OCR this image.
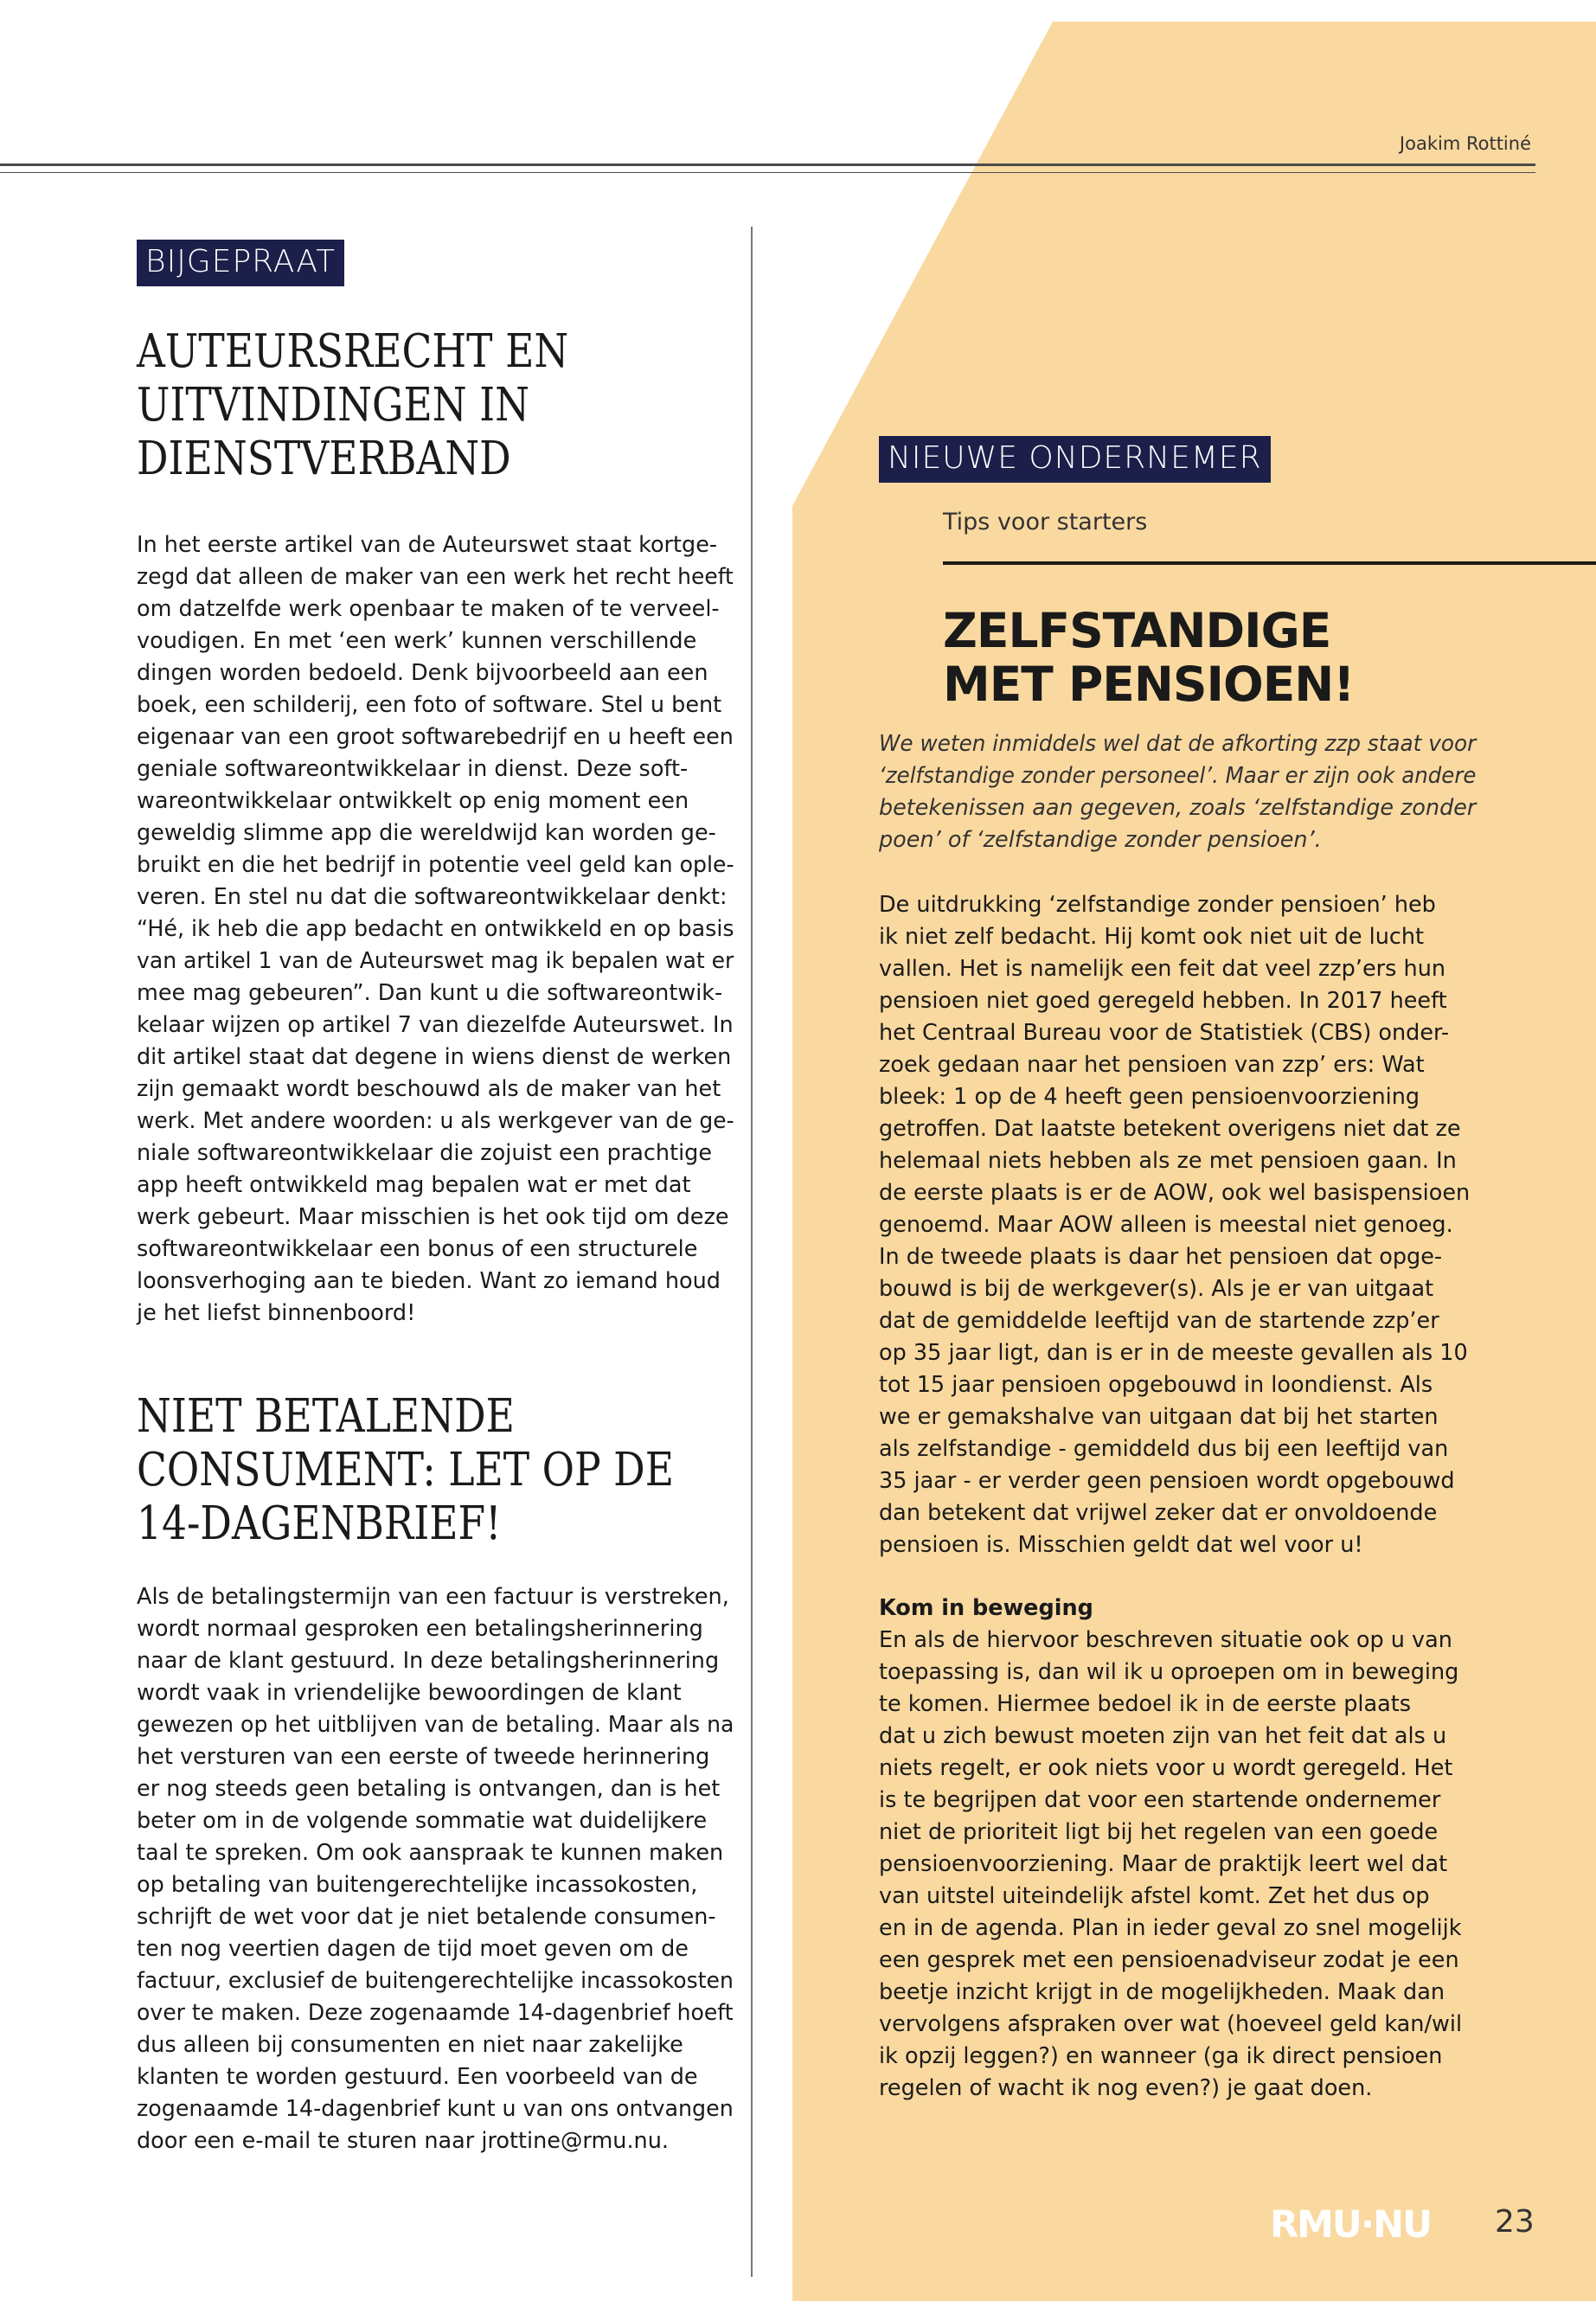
Joakim Rottiné
BIJGEPRAAT
AUTEURSRECHT EN
UITVINDINGEN IN
DIENSTVERBAND
In het eerste artikel van de Auteurswet staat kortge-
zegd dat alleen de maker van een werk het recht heeft
om datzelfde werk openbaar te maken of te verveel-
voudigen. En met ‘een werk’ kunnen verschillende
dingen worden bedoeld. Denk bijvoorbeeld aan een
boek, een schilderij, een foto of software. Stel u bent
eigenaar van een groot softwarebedrijf en u heeft een
geniale softwareontwikkelaar in dienst. Deze soft-
wareontwikkelaar ontwikkelt op enig moment een
geweldig slimme app die wereldwijd kan worden ge-
bruikt en die het bedrijf in potentie veel geld kan ople-
veren. En stel nu dat die softwareontwikkelaar denkt:
“Hé, ik heb die app bedacht en ontwikkeld en op basis
van artikel 1 van de Auteurswet mag ik bepalen wat er
mee mag gebeuren”. Dan kunt u die softwareontwik-
kelaar wijzen op artikel 7 van diezelfde Auteurswet. In
dit artikel staat dat degene in wiens dienst de werken
zijn gemaakt wordt beschouwd als de maker van het
werk. Met andere woorden: u als werkgever van de ge-
niale softwareontwikkelaar die zojuist een prachtige
app heeft ontwikkeld mag bepalen wat er met dat
werk gebeurt. Maar misschien is het ook tijd om deze
softwareontwikkelaar een bonus of een structurele
loonsverhoging aan te bieden. Want zo iemand houd
je het liefst binnenboord!
NIET BETALENDE
CONSUMENT: LET OP DE
14-DAGENBRIEF!
Als de betalingstermijn van een factuur is verstreken,
wordt normaal gesproken een betalingsherinnering
naar de klant gestuurd. In deze betalingsherinnering
wordt vaak in vriendelijke bewoordingen de klant
gewezen op het uitblijven van de betaling. Maar als na
het versturen van een eerste of tweede herinnering
er nog steeds geen betaling is ontvangen, dan is het
beter om in de volgende sommatie wat duidelijkere
taal te spreken. Om ook aanspraak te kunnen maken
op betaling van buitengerechtelijke incassokosten,
schrijft de wet voor dat je niet betalende consumen-
ten nog veertien dagen de tijd moet geven om de
factuur, exclusief de buitengerechtelijke incassokosten
over te maken. Deze zogenaamde 14-dagenbrief hoeft
dus alleen bij consumenten en niet naar zakelijke
klanten te worden gestuurd. Een voorbeeld van de
zogenaamde 14-dagenbrief kunt u van ons ontvangen
door een e-mail te sturen naar jrottine@rmu.nu.
NIEUWE ONDERNEMER
Tips voor starters
ZELFSTANDIGE
MET PENSIOEN!
We weten inmiddels wel dat de afkorting zzp staat voor
‘zelfstandige zonder personeel’. Maar er zijn ook andere
betekenissen aan gegeven, zoals ‘zelfstandige zonder
poen’ of ‘zelfstandige zonder pensioen’.
De uitdrukking ‘zelfstandige zonder pensioen’ heb
ik niet zelf bedacht. Hij komt ook niet uit de lucht
vallen. Het is namelijk een feit dat veel zzp’ers hun
pensioen niet goed geregeld hebben. In 2017 heeft
het Centraal Bureau voor de Statistiek (CBS) onder-
zoek gedaan naar het pensioen van zzp’ ers: Wat
bleek: 1 op de 4 heeft geen pensioenvoorziening
getroffen. Dat laatste betekent overigens niet dat ze
helemaal niets hebben als ze met pensioen gaan. In
de eerste plaats is er de AOW, ook wel basispensioen
genoemd. Maar AOW alleen is meestal niet genoeg.
In de tweede plaats is daar het pensioen dat opge-
bouwd is bij de werkgever(s). Als je er van uitgaat
dat de gemiddelde leeftijd van de startende zzp’er
op 35 jaar ligt, dan is er in de meeste gevallen als 10
tot 15 jaar pensioen opgebouwd in loondienst. Als
we er gemakshalve van uitgaan dat bij het starten
als zelfstandige - gemiddeld dus bij een leeftijd van
35 jaar - er verder geen pensioen wordt opgebouwd
dan betekent dat vrijwel zeker dat er onvoldoende
pensioen is. Misschien geldt dat wel voor u!
Kom in beweging
En als de hiervoor beschreven situatie ook op u van
toepassing is, dan wil ik u oproepen om in beweging
te komen. Hiermee bedoel ik in de eerste plaats
dat u zich bewust moeten zijn van het feit dat als u
niets regelt, er ook niets voor u wordt geregeld. Het
is te begrijpen dat voor een startende ondernemer
niet de prioriteit ligt bij het regelen van een goede
pensioenvoorziening. Maar de praktijk leert wel dat
van uitstel uiteindelijk afstel komt. Zet het dus op
en in de agenda. Plan in ieder geval zo snel mogelijk
een gesprek met een pensioenadviseur zodat je een
beetje inzicht krijgt in de mogelijkheden. Maak dan
vervolgens afspraken over wat (hoeveel geld kan/wil
ik opzij leggen?) en wanneer (ga ik direct pensioen
regelen of wacht ik nog even?) je gaat doen.
RMU·NU 23
